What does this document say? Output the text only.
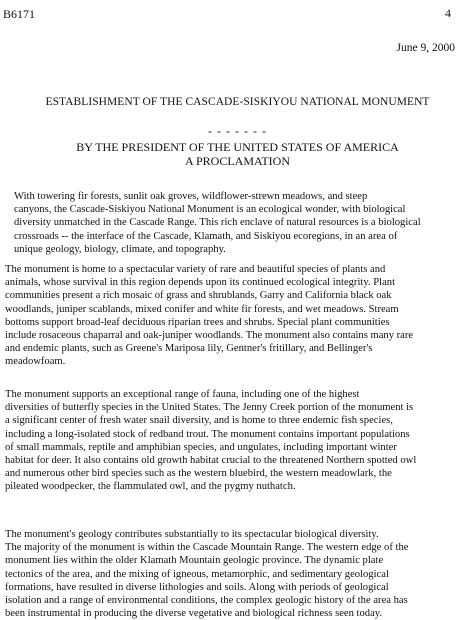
B6171	4
June 9, 2000
ESTABLISHMENT OF THE CASCADE-SISKIYOU NATIONAL MONUMENT
- - - - - - -
BY THE PRESIDENT OF THE UNITED STATES OF AMERICA
A PROCLAMATION
With towering fir forests, sunlit oak groves, wildflower-strewn meadows, and steep
canyons, the Cascade-Siskiyou National Monument is an ecological wonder, with biological
diversity unmatched in the Cascade Range. This rich enclave of natural resources is a biological
crossroads -- the interface of the Cascade, Klamath, and Siskiyou ecoregions, in an area of
unique geology, biology, climate, and topography.
The monument is home to a spectacular variety of rare and beautiful species of plants and
animals, whose survival in this region depends upon its continued ecological integrity. Plant
communities present a rich mosaic of grass and shrublands, Garry and California black oak
woodlands, juniper scablands, mixed conifer and white fir forests, and wet meadows. Stream
bottoms support broad-leaf deciduous riparian trees and shrubs. Special plant communities
include rosaceous chaparral and oak-juniper woodlands. The monument also contains many rare
and endemic plants, such as Greene's Mariposa lily, Gentner's fritillary, and Bellinger's
meadowfoam.
The monument supports an exceptional range of fauna, including one of the highest
diversities of butterfly species in the United States. The Jenny Creek portion of the monument is
a significant center of fresh water snail diversity, and is home to three endemic fish species,
including a long-isolated stock of redband trout. The monument contains important populations
of small mammals, reptile and amphibian species, and ungulates, including important winter
habitat for deer. It also contains old growth habitat crucial to the threatened Northern spotted owl
and numerous other bird species such as the western bluebird, the western meadowlark, the
pileated woodpecker, the flammulated owl, and the pygmy nuthatch.
The monument's geology contributes substantially to its spectacular biological diversity.
The majority of the monument is within the Cascade Mountain Range. The western edge of the
monument lies within the older Klamath Mountain geologic province. The dynamic plate
tectonics of the area, and the mixing of igneous, metamorphic, and sedimentary geological
formations, have resulted in diverse lithologies and soils. Along with periods of geological
isolation and a range of environmental conditions, the complex geologic history of the area has
been instrumental in producing the diverse vegetative and biological richness seen today.
